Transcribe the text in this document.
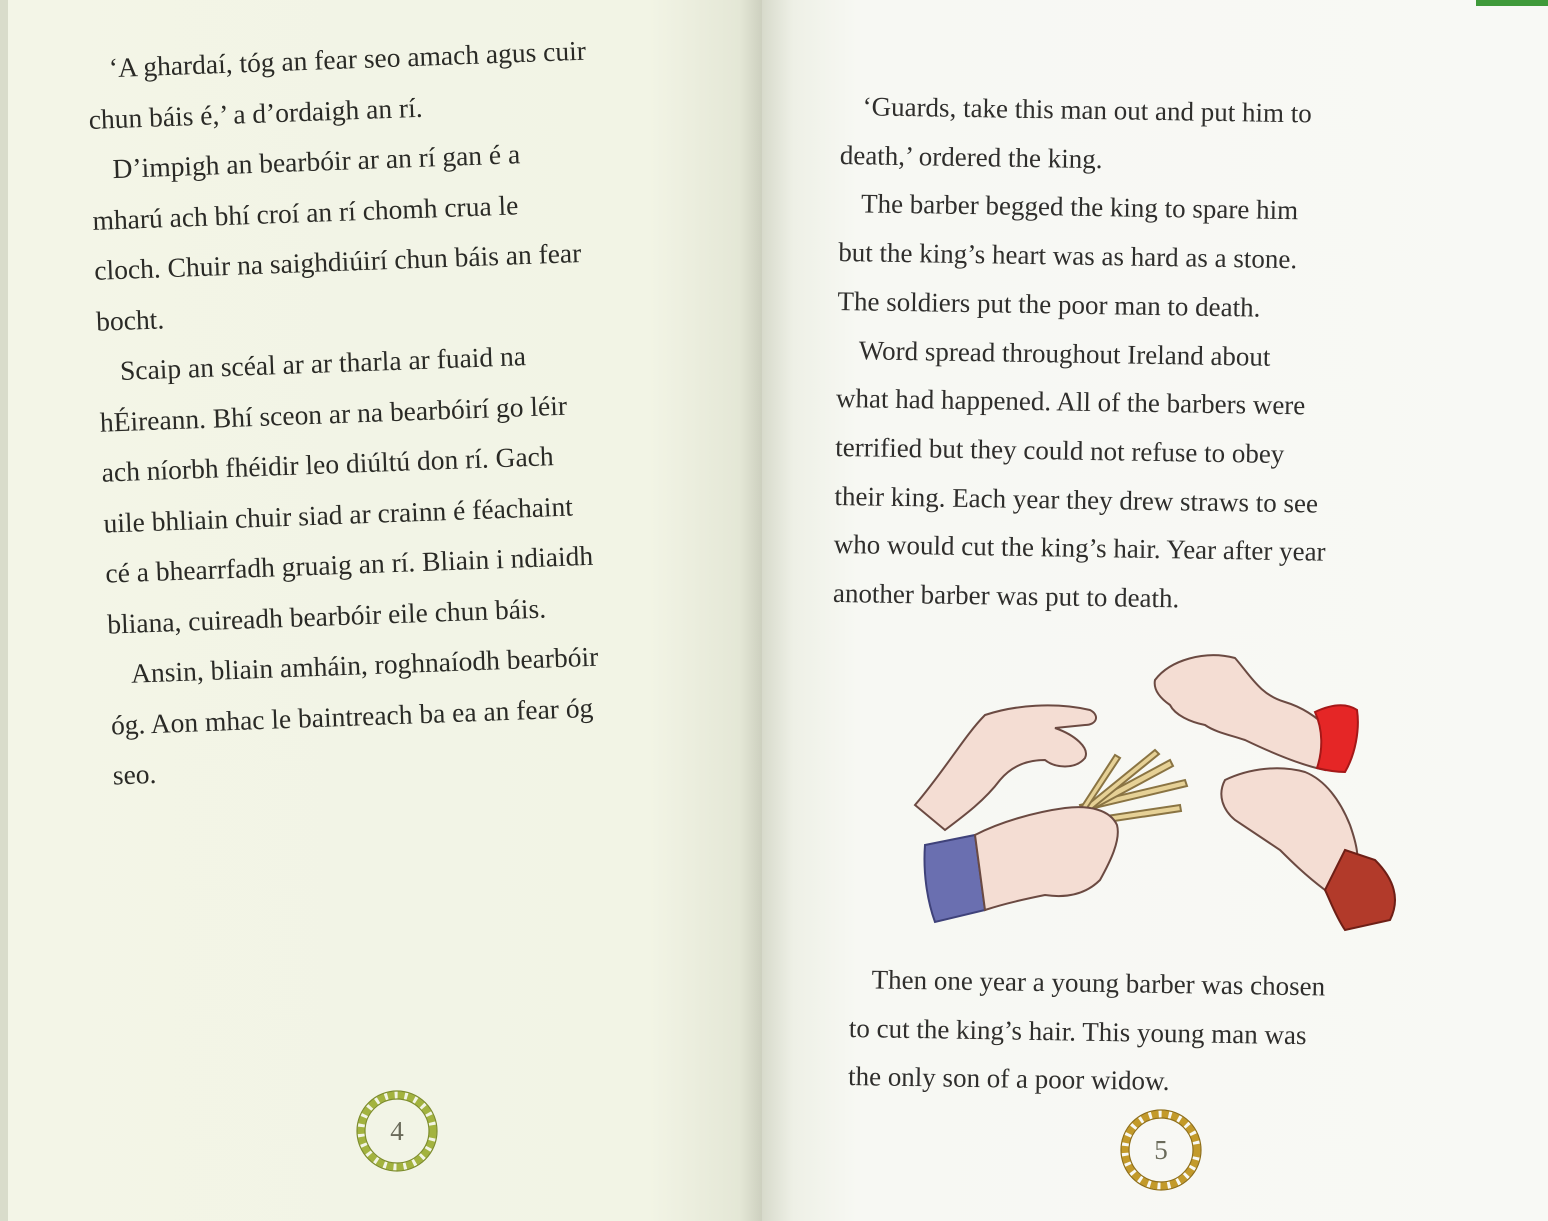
‘A ghardaí, tóg an fear seo amach agus cuir
chun báis é,’ a d’ordaigh an rí.

D’impigh an bearbóir ar an rí gan é a
mharú ach bhí croí an rí chomh crua le
cloch. Chuir na saighdiúirí chun báis an fear
bocht.

Scaip an scéal ar ar tharla ar fuaid na
hÉireann. Bhí sceon ar na bearbóirí go léir
ach níorbh fhéidir leo diúltú don rí. Gach
uile bhliain chuir siad ar crainn é féachaint
cé a bhearrfadh gruaig an rí. Bliain i ndiaidh
bliana, cuireadh bearbóir eile chun báis.

Ansin, bliain amháin, roghnaíodh bearbóir
óg. Aon mhac le baintreach ba ea an fear óg
seo.

‘Guards, take this man out and put him to
death,’ ordered the king.

The barber begged the king to spare him
but the king’s heart was as hard as a stone.
The soldiers put the poor man to death.

Word spread throughout Ireland about
what had happened. All of the barbers were
terrified but they could not refuse to obey
their king. Each year they drew straws to see
who would cut the king’s hair. Year after year
another barber was put to death.

Then one year a young barber was chosen
to cut the king’s hair. This young man was
the only son of a poor widow.

4
5
